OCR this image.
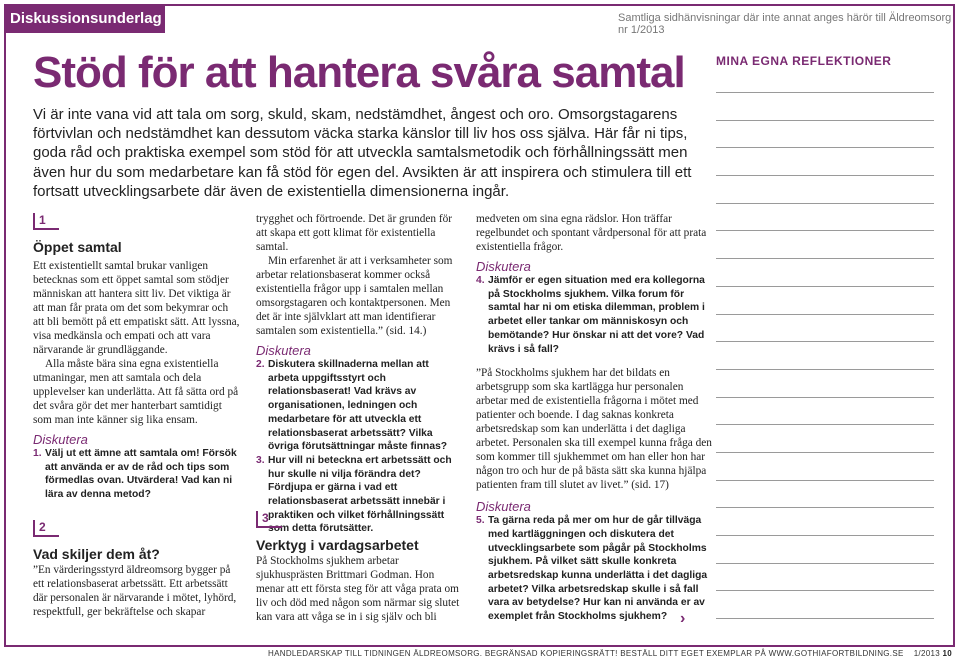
Diskussionsunderlag	Samtliga sidhänvisningar där inte annat anges härör till Äldreomsorg nr 1/2013
Stöd för att hantera svåra samtal

Vi är inte vana vid att tala om sorg, skuld, skam, nedstämdhet, ångest och oro. Omsorgstagarens förtvivlan och nedstämdhet kan dessutom väcka starka känslor till liv hos oss själva. Här får ni tips, goda råd och praktiska exempel som stöd för att utveckla samtalsmetodik och förhållningssätt men även hur du som medarbetare kan få stöd för egen del. Avsikten är att inspirera och stimulera till ett fortsatt utvecklingsarbete där även de existentiella dimensionerna ingår.

MINA EGNA REFLEKTIONER
1
Öppet samtal

Ett existentiellt samtal brukar vanligen betecknas som ett öppet samtal som stödjer människan att hantera sitt liv. Det viktiga är att man får prata om det som bekymrar och att bli bemött på ett empatiskt sätt. Att lyssna, visa medkänsla och empati och att vara närvarande är grundläggande.

Alla måste bära sina egna existentiella utmaningar, men att samtala och dela upplevelser kan underlätta. Att få sätta ord på det svåra gör det mer hanterbart samtidigt som man inte känner sig lika ensam.

Diskutera

1. Välj ut ett ämne att samtala om! Försök att använda er av de råd och tips som förmedlas ovan. Utvärdera! Vad kan ni lära av denna metod?

2
Vad skiljer dem åt?

”En värderingsstyrd äldreomsorg bygger på ett relationsbaserat arbetssätt. Ett arbetssätt där personalen är närvarande i mötet, lyhörd, respektfull, ger bekräftelse och skapar

trygghet och förtroende. Det är grunden för att skapa ett gott klimat för existentiella samtal.

Min erfarenhet är att i verksamheter som arbetar relationsbaserat kommer också existentiella frågor upp i samtalen mellan omsorgstagaren och kontaktpersonen. Men det är inte självklart att man identifierar samtalen som existentiella.” (sid. 14.)

Diskutera

2. Diskutera skillnaderna mellan att arbeta uppgiftsstyrt och relationsbaserat! Vad krävs av organisationen, ledningen och medarbetare för att utveckla ett relationsbaserat arbetssätt? Vilka övriga förutsättningar måste finnas?

3. Hur vill ni beteckna ert arbetssätt och hur skulle ni vilja förändra det? Fördjupa er gärna i vad ett relationsbaserat arbetssätt innebär i praktiken och vilket förhållningssätt som detta förutsätter.

3
Verktyg i vardagsarbetet

På Stockholms sjukhem arbetar sjukhusprästen Brittmari Godman. Hon menar att ett första steg för att våga prata om liv och död med någon som närmar sig slutet kan vara att våga se in i sig själv och bli

medveten om sina egna rädslor. Hon träffar regelbundet och spontant vårdpersonal för att prata existentiella frågor.

Diskutera

4. Jämför er egen situation med era kollegorna på Stockholms sjukhem. Vilka forum för samtal har ni om etiska dilemman, problem i arbetet eller tankar om människosyn och bemötande? Hur önskar ni att det vore? Vad krävs i så fall?

”På Stockholms sjukhem har det bildats en arbetsgrupp som ska kartlägga hur personalen arbetar med de existentiella frågorna i mötet med patienter och boende. I dag saknas konkreta arbetsredskap som kan underlätta i det dagliga arbetet. Personalen ska till exempel kunna fråga den som kommer till sjukhemmet om han eller hon har någon tro och hur de på bästa sätt ska kunna hjälpa patienten fram till slutet av livet.” (sid. 17)

Diskutera

5. Ta gärna reda på mer om hur de går tillväga med kartläggningen och diskutera det utvecklingsarbete som pågår på Stockholms sjukhem. På vilket sätt skulle konkreta arbetsredskap kunna underlätta i det dagliga arbetet? Vilka arbetsredskap skulle i så fall vara av betydelse? Hur kan ni använda er av exemplet från Stockholms sjukhem? ›
HANDLEDARSKAP TILL TIDNINGEN ÄLDREOMSORG. BEGRÄNSAD KOPIERINGSRÄTT! BESTÄLL DITT EGET EXEMPLAR PÅ WWW.GOTHIAFORTBILDNING.SE 1/2013 10
